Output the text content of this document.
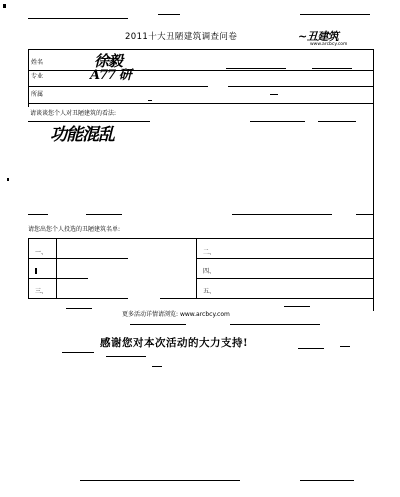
2011十大丑陋建筑调查问卷	~丑建筑
www.arcbcy.com
姓名
专业
所属
徐毅
A77 研
请谈谈您个人对丑陋建筑的看法:
功能混乱
请您出您个人投选的丑陋建筑名单:
一、	二、
三、
四、
五、
更多活动详情请浏览: www.arcbcy.com
感谢您对本次活动的大力支持!
